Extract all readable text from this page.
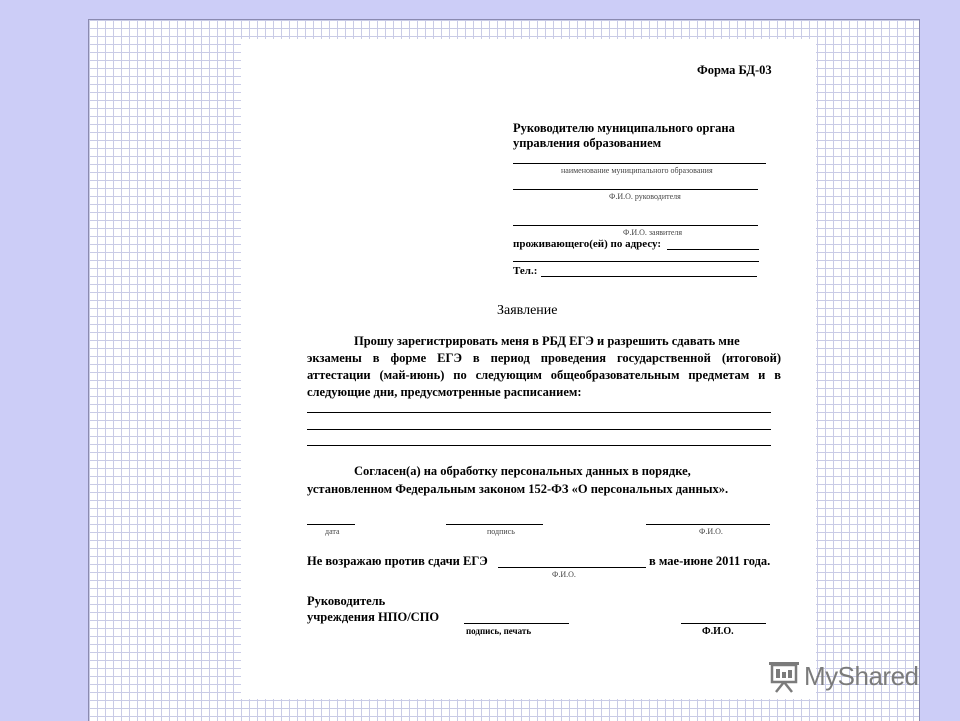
Форма БД-03
Руководителю муниципального органа
управления образованием
наименование муниципального образования
Ф.И.О. руководителя
Ф.И.О. заявителя
проживающего(ей) по адресу:
Тел.:
Заявление
Прошу зарегистрировать меня в РБД ЕГЭ и разрешить сдавать мне
экзамены в форме ЕГЭ в период проведения государственной (итоговой)
аттестации (май-июнь) по следующим общеобразовательным предметам и в
следующие дни, предусмотренные расписанием:
Согласен(а) на обработку персональных данных в порядке,
установленном Федеральным законом 152-ФЗ «О персональных данных».
дата	подпись	Ф.И.О.
Не возражаю против сдачи ЕГЭ	в мае-июне 2011 года.
Ф.И.О.
Руководитель
учреждения НПО/СПО
подпись, печать	Ф.И.О.
MyShared
